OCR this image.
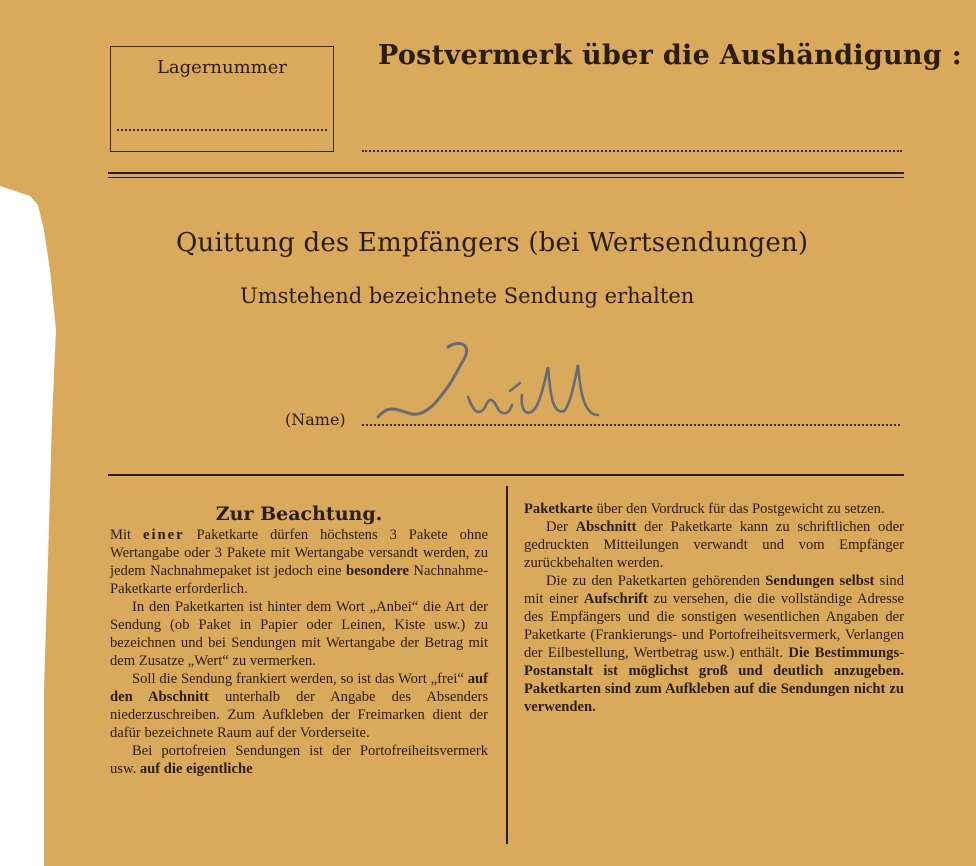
Lagernummer	Postvermerk über die Aushändigung :
Quittung des Empfängers (bei Wertsendungen)
Umstehend bezeichnete Sendung erhalten
(Name)
Zur Beachtung.

Mit einer Paketkarte dürfen höchstens 3 Pakete ohne Wertangabe oder 3 Pakete mit Wertangabe versandt werden, zu jedem Nachnahmepaket ist jedoch eine besondere Nachnahme-Paketkarte erforderlich.

In den Paketkarten ist hinter dem Wort „Anbei“ die Art der Sendung (ob Paket in Papier oder Leinen, Kiste usw.) zu bezeichnen und bei Sendungen mit Wertangabe der Betrag mit dem Zusatze „Wert“ zu vermerken.

Soll die Sendung frankiert werden, so ist das Wort „frei“ auf den Abschnitt unterhalb der Angabe des Absenders niederzuschreiben. Zum Aufkleben der Freimarken dient der dafür bezeichnete Raum auf der Vorderseite.

Bei portofreien Sendungen ist der Portofreiheitsvermerk usw. auf die eigentliche

Paketkarte über den Vordruck für das Postgewicht zu setzen.

Der Abschnitt der Paketkarte kann zu schriftlichen oder gedruckten Mitteilungen verwandt und vom Empfänger zurückbehalten werden.

Die zu den Paketkarten gehörenden Sendungen selbst sind mit einer Aufschrift zu versehen, die die vollständige Adresse des Empfängers und die sonstigen wesentlichen Angaben der Paketkarte (Frankierungs- und Portofreiheitsvermerk, Verlangen der Eilbestellung, Wertbetrag usw.) enthält. Die Bestimmungs-Postanstalt ist möglichst groß und deutlich anzugeben. Paketkarten sind zum Aufkleben auf die Sendungen nicht zu verwenden.
